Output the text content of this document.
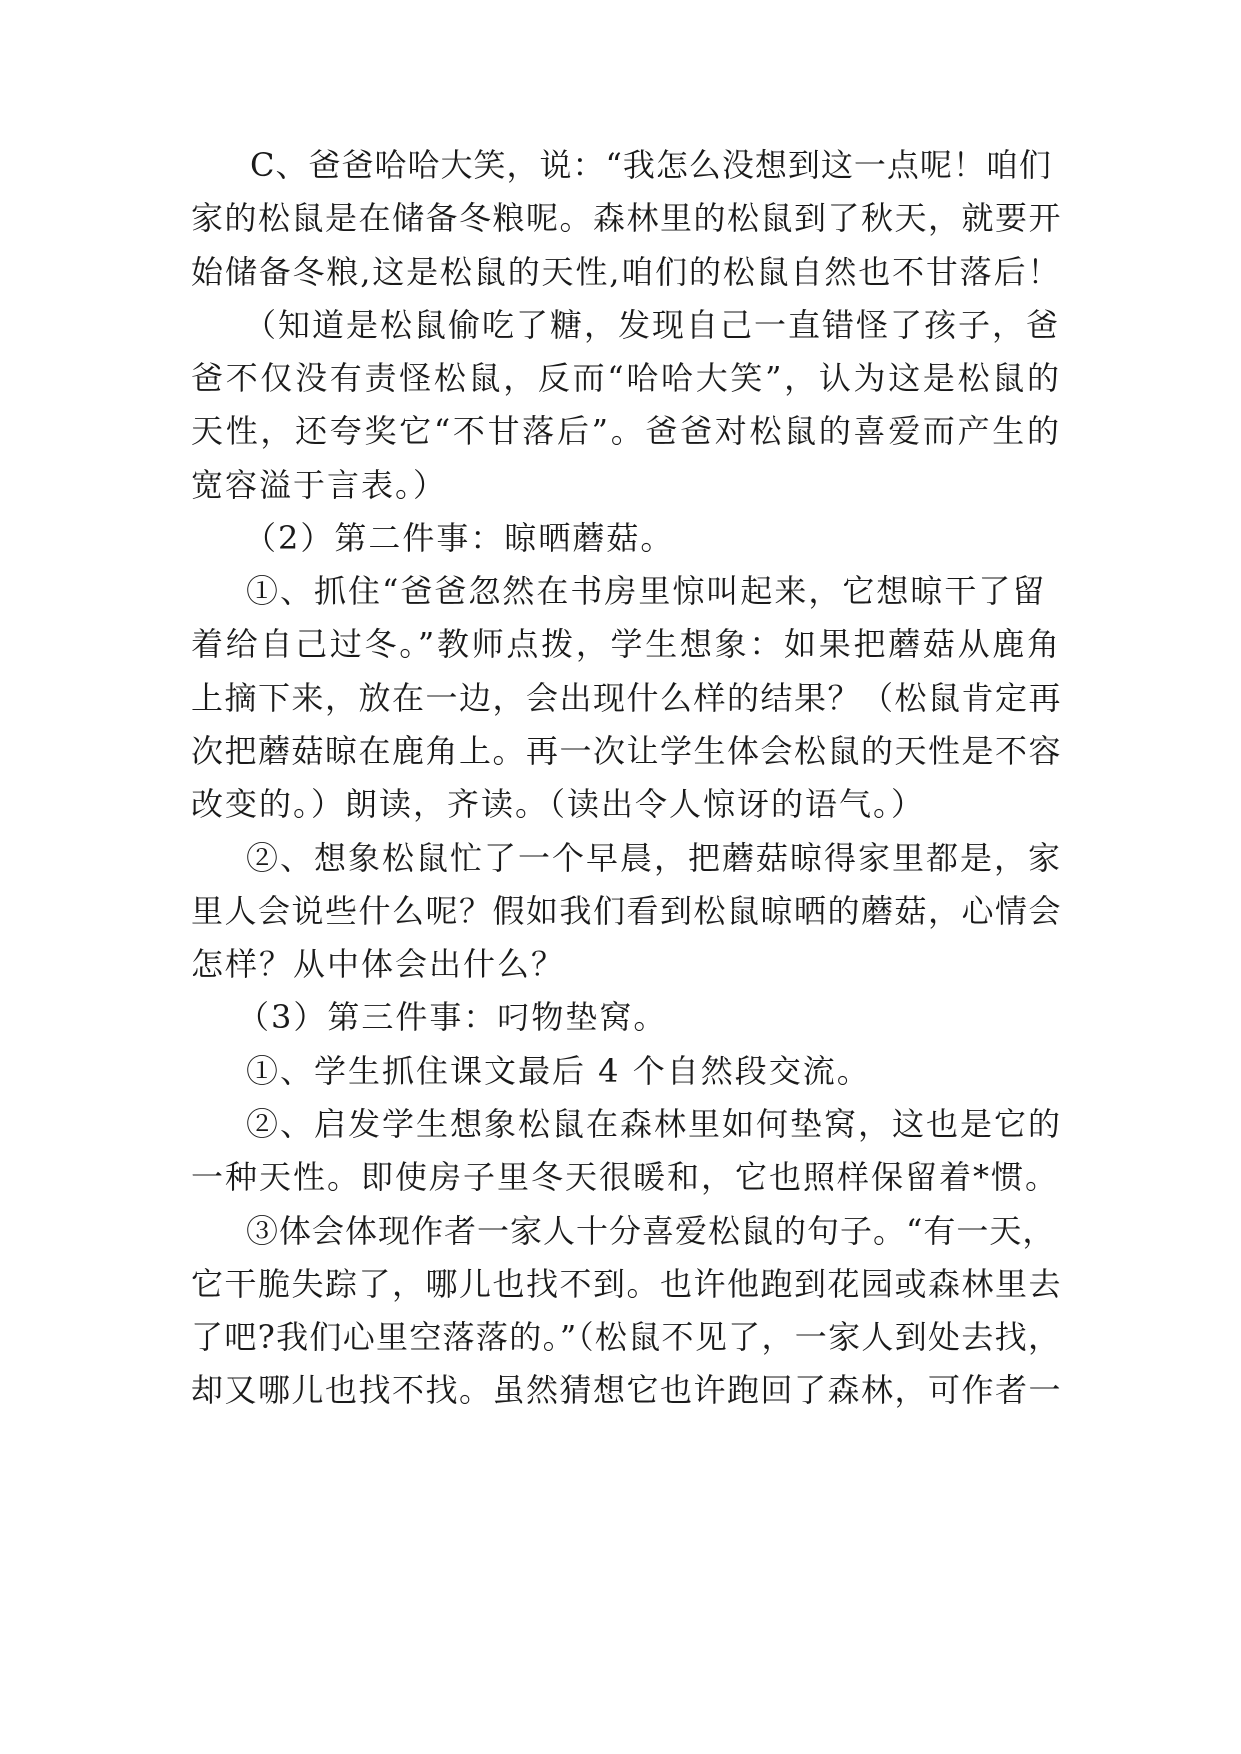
C、爸爸哈哈大笑，说：“我怎么没想到这一点呢！咱们
家的松鼠是在储备冬粮呢。森林里的松鼠到了秋天，就要开
始储备冬粮,这是松鼠的天性,咱们的松鼠自然也不甘落后！
（知道是松鼠偷吃了糖，发现自己一直错怪了孩子，爸
爸不仅没有责怪松鼠，反而“哈哈大笑”，认为这是松鼠的
天性，还夸奖它“不甘落后”。爸爸对松鼠的喜爱而产生的
宽容溢于言表。）
（2）第二件事：晾晒蘑菇。
①、抓住“爸爸忽然在书房里惊叫起来，它想晾干了留
着给自己过冬。”教师点拨，学生想象：如果把蘑菇从鹿角
上摘下来，放在一边，会出现什么样的结果？（松鼠肯定再
次把蘑菇晾在鹿角上。再一次让学生体会松鼠的天性是不容
改变的。）朗读，齐读。（读出令人惊讶的语气。）
②、想象松鼠忙了一个早晨，把蘑菇晾得家里都是，家
里人会说些什么呢？假如我们看到松鼠晾晒的蘑菇，心情会
怎样？从中体会出什么？
（3）第三件事：叼物垫窝。
①、学生抓住课文最后 4 个自然段交流。
②、启发学生想象松鼠在森林里如何垫窝，这也是它的
一种天性。即使房子里冬天很暖和，它也照样保留着*惯。
③体会体现作者一家人十分喜爱松鼠的句子。“有一天，
它干脆失踪了，哪儿也找不到。也许他跑到花园或森林里去
了吧?我们心里空落落的。”（松鼠不见了，一家人到处去找，
却又哪儿也找不找。虽然猜想它也许跑回了森林，可作者一
